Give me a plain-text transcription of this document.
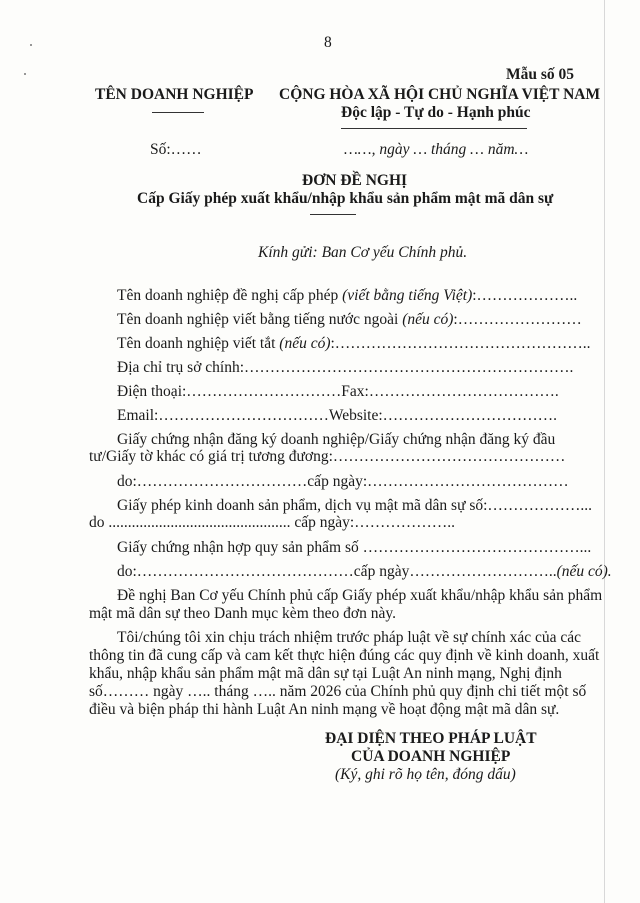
8
Mẫu số 05
TÊN DOANH NGHIỆP CỘNG HÒA XÃ HỘI CHỦ NGHĨA VIỆT NAM
Độc lập - Tự do - Hạnh phúc
Số:……	……, ngày … tháng … năm…
ĐƠN ĐỀ NGHỊ
Cấp Giấy phép xuất khẩu/nhập khẩu sản phẩm mật mã dân sự
Kính gửi: Ban Cơ yếu Chính phủ.
Tên doanh nghiệp đề nghị cấp phép (viết bằng tiếng Việt):………………..
Tên doanh nghiệp viết bằng tiếng nước ngoài (nếu có):……………………
Tên doanh nghiệp viết tắt (nếu có):…………………………………………..
Địa chỉ trụ sở chính:……………………………………………………….
Điện thoại:…………………………Fax:……………………………….
Email:……………………………Website:…………………………….
Giấy chứng nhận đăng ký doanh nghiệp/Giấy chứng nhận đăng ký đầu
tư/Giấy tờ khác có giá trị tương đương:………………………………………
do:……………………………cấp ngày:…………………………………
Giấy phép kinh doanh sản phẩm, dịch vụ mật mã dân sự số:………………...
do ............................................... cấp ngày:………………..
Giấy chứng nhận hợp quy sản phẩm số ……………………………………...
do:……………………………………cấp ngày………………………..(nếu có).
Đề nghị Ban Cơ yếu Chính phủ cấp Giấy phép xuất khẩu/nhập khẩu sản phẩm
mật mã dân sự theo Danh mục kèm theo đơn này.
Tôi/chúng tôi xin chịu trách nhiệm trước pháp luật về sự chính xác của các
thông tin đã cung cấp và cam kết thực hiện đúng các quy định về kinh doanh, xuất
khẩu, nhập khẩu sản phẩm mật mã dân sự tại Luật An ninh mạng, Nghị định
số……… ngày ….. tháng ….. năm 2026 của Chính phủ quy định chi tiết một số
điều và biện pháp thi hành Luật An ninh mạng về hoạt động mật mã dân sự.
ĐẠI DIỆN THEO PHÁP LUẬT
CỦA DOANH NGHIỆP
(Ký, ghi rõ họ tên, đóng dấu)
